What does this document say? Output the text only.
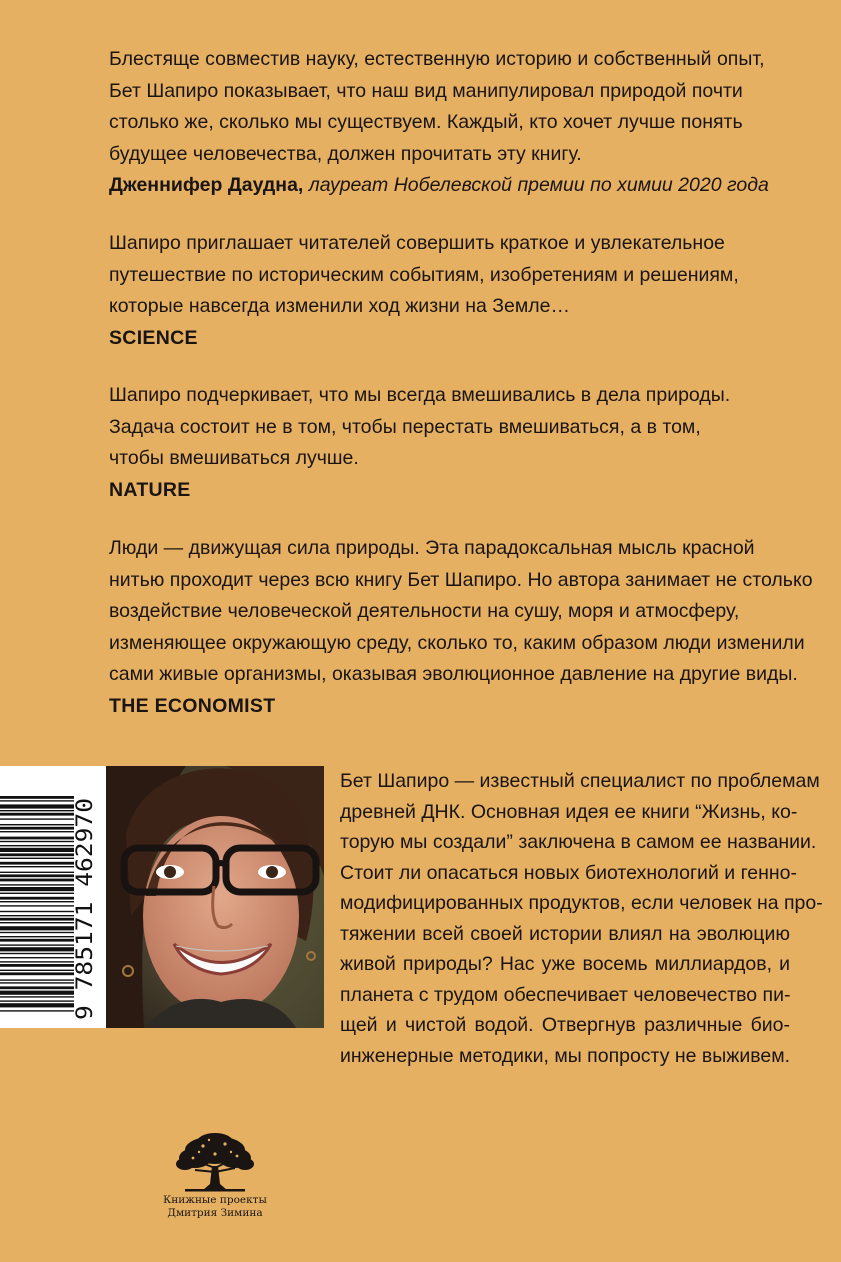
Блестяще совместив науку, естественную историю и собственный опыт,
Бет Шапиро показывает, что наш вид манипулировал природой почти
столько же, сколько мы существуем. Каждый, кто хочет лучше понять
будущее человечества, должен прочитать эту книгу.
Дженнифер Даудна, лауреат Нобелевской премии по химии 2020 года
Шапиро приглашает читателей совершить краткое и увлекательное
путешествие по историческим событиям, изобретениям и решениям,
которые навсегда изменили ход жизни на Земле…
SCIENCE
Шапиро подчеркивает, что мы всегда вмешивались в дела природы.
Задача состоит не в том, чтобы перестать вмешиваться, а в том,
чтобы вмешиваться лучше.
NATURE
Люди — движущая сила природы. Эта парадоксальная мысль красной
нитью проходит через всю книгу Бет Шапиро. Но автора занимает не столько
воздействие человеческой деятельности на сушу, моря и атмосферу,
изменяющее окружающую среду, сколько то, каким образом люди изменили
сами живые организмы, оказывая эволюционное давление на другие виды.
THE ECONOMIST
9 785171 462970
Бет Шапиро — известный специалист по проблемам
древней ДНК. Основная идея ее книги “Жизнь, ко-
торую мы создали” заключена в самом ее названии.
Стоит ли опасаться новых биотехнологий и генно-
модифицированных продуктов, если человек на про-
тяжении всей своей истории влиял на эволюцию
живой природы? Нас уже восемь миллиардов, и
планета с трудом обеспечивает человечество пи-
щей и чистой водой. Отвергнув различные био-
инженерные методики, мы попросту не выживем.
Книжные проекты
Дмитрия Зимина
